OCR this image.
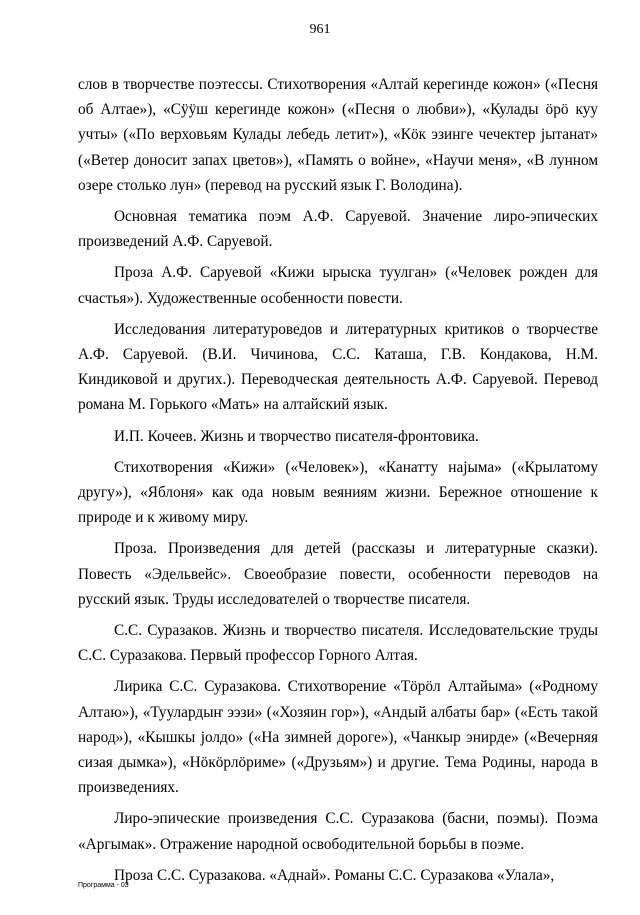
961

слов в творчестве поэтессы. Стихотворения «Алтай керегинде кожон» («Песня об Алтае»), «Сÿÿш керегинде кожон» («Песня о любви»), «Кулады ӧрӧ куу учты» («По верховьям Кулады лебедь летит»), «Кӧк эзинге чечектер јытанат» («Ветер доносит запах цветов»), «Память о войне», «Научи меня», «В лунном озере столько лун» (перевод на русский язык Г. Володина).

Основная тематика поэм А.Ф. Саруевой. Значение лиро-эпических произведений А.Ф. Саруевой.

Проза А.Ф. Саруевой «Кижи ырыска туулган» («Человек рожден для счастья»). Художественные особенности повести.

Исследования литературоведов и литературных критиков о творчестве А.Ф. Саруевой. (В.И. Чичинова, С.С. Каташа, Г.В. Кондакова, Н.М. Киндиковой и других.). Переводческая деятельность А.Ф. Саруевой. Перевод романа М. Горького «Мать» на алтайский язык.

И.П. Кочеев. Жизнь и творчество писателя-фронтовика.

Стихотворения «Кижи» («Человек»), «Канатту најыма» («Крылатому другу»), «Яблоня» как ода новым веяниям жизни. Бережное отношение к природе и к живому миру.

Проза. Произведения для детей (рассказы и литературные сказки). Повесть «Эдельвейс». Своеобразие повести, особенности переводов на русский язык. Труды исследователей о творчестве писателя.

С.С. Суразаков. Жизнь и творчество писателя. Исследовательские труды С.С. Суразакова. Первый профессор Горного Алтая.

Лирика С.С. Суразакова. Стихотворение «Тӧрӧл Алтайыма» («Родному Алтаю»), «Туулардыҥ ээзи» («Хозяин гор»), «Андый албаты бар» («Есть такой народ»), «Кышкы јолдо» («На зимней дороге»), «Чанкыр энирде» («Вечерняя сизая дымка»), «Нӧкӧрлӧриме» («Друзьям») и другие. Тема Родины, народа в произведениях.

Лиро-эпические произведения С.С. Суразакова (басни, поэмы). Поэма «Аргымак». Отражение народной освободительной борьбы в поэме.

Проза С.С. Суразакова. «Аднай». Романы С.С. Суразакова «Улала»,

Программа - 03
